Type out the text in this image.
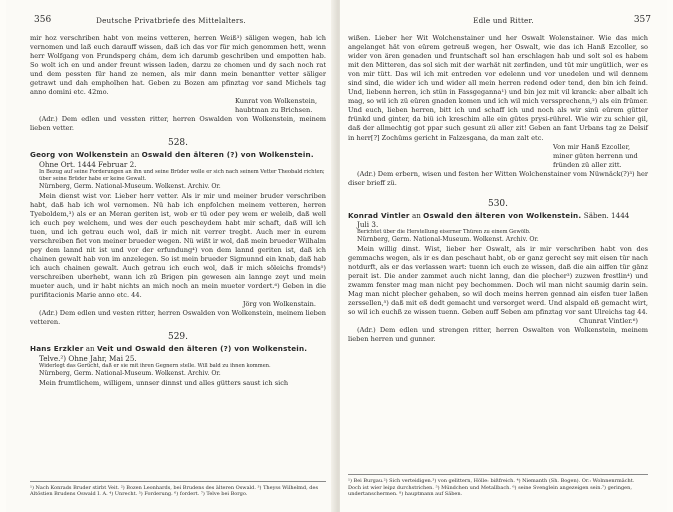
356	Deutsche Privatbriefe des Mittelalters.

mir hoz verschriben habt von meins vetteren, herren Weiß³) säligen wegen, hab ich vernomen und laß euch darauff wissen, daß ich das vor für mich genommen hett, wenn herr Wolfgang von Frundsperg chám, dem ich darumb geschriben und empotten hab. So wolt ich en und ander freunt wissen laden, darzu ze chomen und dy sach noch rat und dem pessten für hand ze nemen, als mir dann mein benantter vetter säliger getrawt und dah empholhen hat. Geben zu Bozen am pfinztag vor sand Michels tag anno domini etc. 42mo.

Kunrat von Wolkenstein,

haubtman zu Brichsen.

(Adr.) Dem edlen und vessten ritter, herren Oswalden von Wolkenstein, meinem lieben vetter.

528.
Georg von Wolkenstein an Oswald den älteren (?) von Wolkenstein.
Ohne Ort. 1444 Februar 2.

In Bezug auf seine Forderungen an ihn und seine Brüder wolle er sich nach seinem Vetter Theobald richten; über seine Brüder habe er keine Gewalt.

Nürnberg, Germ. National-Museum. Wolkenst. Archiv. Or.

Mein dienst wist vor. Lieber herr vetter. Als ir mir und meiner bruder verschriben habt, daß hab ich wol vernomen. Nü hab ich enpfolchen meinem vetteren, herren Tyeboldem,³) als er an Meran geriten ist, wob er tü oder pey wem er weleib, daß well ich euch pey welchem, und wes der euch pescheydem habt mir schaft, daß will ich tuen, und ich getrau euch wol, daß ir mich nit verrer tregbt. Auch mer in eurem verschreiben fiet von meiner brueder wegen. Nü wißt ir wol, daß mein brueder Wilhalm pey dem lannd nit ist und vor der erfundung⁴) von dem lannd geriten ist, daß ich chainen gewalt hab von im anzelegen. So ist mein brueder Sigmunnd ein knab, daß hab ich auch chainen gewalt. Auch getrau ich euch wol, daß ir mich söleichs fromds⁵) verschreiben uberhebt, wann ich zü Brigen pin gewesen ain lannge zeyt und mein mueter auch, und ir habt nichts an mich noch an mein mueter vordert.⁶) Geben in die purifitacionis Marie anno etc. 44.

Jörg von Wolkenstain.

(Adr.) Dem edlen und vesten ritter, herren Oswalden von Wolkenstein, meinem lieben vetteren.

529.
Hans Erzkler an Veit und Oswald den älteren (?) von Wolkenstein.
Telve.²) Ohne Jahr, Mai 25.

Widerlegt das Gerücht, daß er sie mit ihren Gegnern stelle. Will bald zu ihnen kommen.

Nürnberg, Germ. National-Museum. Wolkenst. Archiv. Or.

Mein frumtlichem, willigem, unnser dinnst und alles gütters saust ich sich

¹) Nach Konrads Bruder stirbt Veit. ²) Bozen Leonhards, bei Brudens des älteren Oswald. ³) Theyss Wilhelmd, des Altöstien Brudens Oswald I. A. ⁴) Unrecht. ⁵) Forderung. ⁶) fordert. ⁷) Telve bei Borgo.
Edle und Ritter.	357

wißen. Lieber her Wit Wolchenstainer und her Oswalt Wolenstainer. Wie das mich angelanget hät von eürem getreuß wegen, her Oswalt, wie das ich Hanß Ezcoller, so wider von ären genaden und fruntschaft sol han erschlagen hab und solt sol es habem mit den Mitteren, das sol sich mit der warhät nit zerfinden, und tüt mir ungütlich, wer es von mir tütt. Das wil ich mit entreden vor edelenn und vor unedelen und wil dennem sind sind, die wider ich und wider all mein herren redend oder tend, den bin ich feind. Und, liebenn herren, ich stün in Fassgeganna¹) und bin jez mit vil kranck: aber albalt ich mag, so wil ich zü eüren gnaden komen und ich wil mich verssprechenn,²) als ein frümer. Und euch, lieben herren, bitt ich und schaff ich und noch als wir sinü eürem gütter frünkd und ginter, da biü ich kreschim alle ein gütes prysi-rührel. Wie wir zu schier gil, daß der allmechtig got ppar such gesunt zü aller zit! Geben an fant Urbans tag ze Delsif in herr[?] Zochüms gericht in Falzesgana, da man zalt etc.

Von mir Hanß Ezcoller,

miner güten herrenn und

fründen zü aller zitt.

(Adr.) Dem erbern, wisen und festen her Witten Wolchenstainer vom Nüwnäck(?)³) her diser brieff zü.

530.
Konrad Vintler an Oswald den älteren von Wolkenstein. Säben. 1444
Juli 3.

Berichtet über die Herstellung eiserner Thüren zu einem Gewölb.

Nürnberg, Germ. National-Museum. Wolkenst. Archiv. Or.

Mein willig dinst. Wist, lieber her Oswalt, als ir mir verschriben habt von des gemmachs wegen, als ir es dan peschaut habt, ob er ganz gerecht sey mit eisen tür nach notdurft, als er das verlassen wart: tuenn ich euch ze wissen, daß die ain aiffen tür gänz perait ist. Die ander zammet auch nicht lanng, dan die plecher³) zuzwen frestlin⁴) und zwamm fenster mag man nicht pey bechommen. Doch wil man nicht saumig darin sein. Mag man nicht plecher gehaben, so wil doch meins herren gennad ain eisfen tuer laßen zerssellen,⁵) daß mit eß dedt gemacht und versorget werd. Und alspald eß gemacht wirt, so wil ich euchß ze wissen tuenn. Geben auff Seben am pfinztag vor sant Ulreichs tag 44.

Chunrat Vintler.⁶)

(Adr.) Dem edlen und strengen ritter, herren Oswalten von Wolkenstein, meinem lieben herren und gunner.

¹) Bei Burgau.²) Sich verteidigen.³) von gelittern, Hölle: bißfreich. ⁴) Niemanth (Sh. Bogen). Or.: Wolnnenrmächt. Doch ist wier leipz durchstrichen. ⁵) Mündchen und Metallbach. ⁶) seine Svenglein angezeigen sein.⁷) geringen, undertanschermen. ⁸) hauptmann auf Säben.
